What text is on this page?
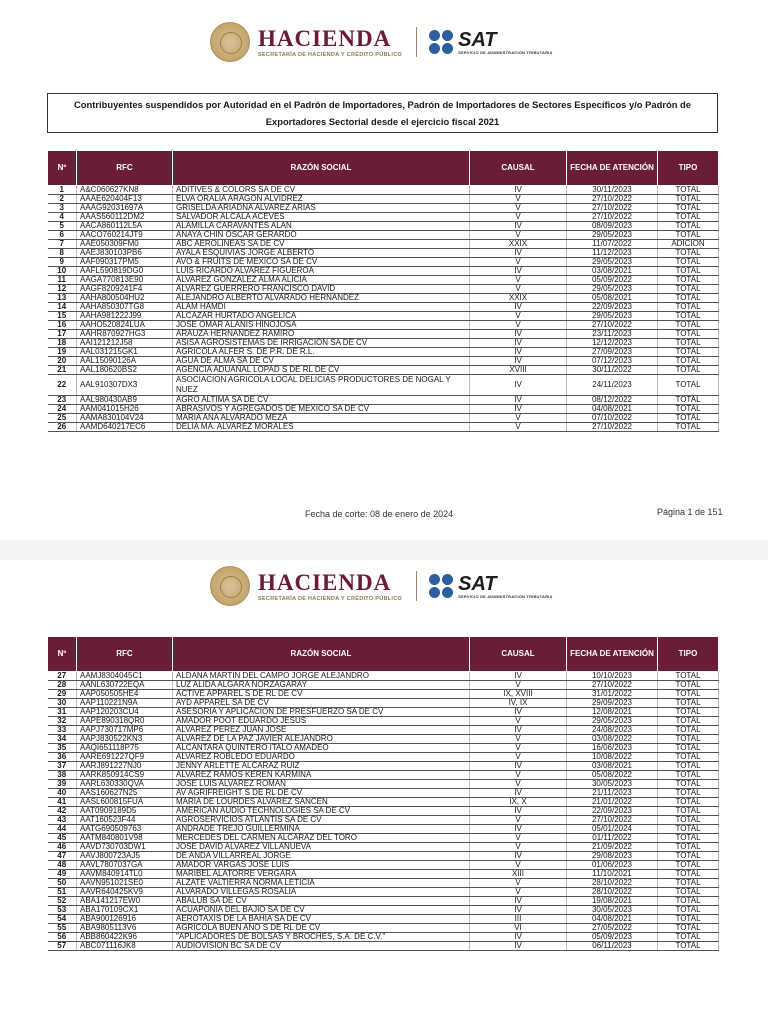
HACIENDA
SECRETARÍA DE HACIENDA Y CRÉDITO PÚBLICO
SAT
SERVICIO DE ADMINISTRACIÓN TRIBUTARIA

Contribuyentes suspendidos por Autoridad en el Padrón de Importadores, Padrón de Importadores de Sectores Específicos y/o Padrón de Exportadores Sectorial desde el ejercicio fiscal 2021

Nº	RFC	RAZÓN SOCIAL	CAUSAL	FECHA DE ATENCIÓN	TIPO
1	A&C060627KN8	ADITIVES & COLORS SA DE CV	IV	30/11/2023	TOTAL
2	AAAE620404F13	ELVA ORALIA ARAGON ALVIDREZ	V	27/10/2022	TOTAL
3	AAAG92031697A	GRISELDA ARIADNA ALVAREZ ARIAS	V	27/10/2022	TOTAL
4	AAAS560112DM2	SALVADOR ALCALA ACEVES	V	27/10/2022	TOTAL
5	AACA860112L5A	ALAMILLA CARAVANTES ALAN	IV	08/09/2023	TOTAL
6	AACO760214JT9	ANAYA CHIN OSCAR GERARDO	V	29/05/2023	TOTAL
7	AAE050309FM0	ABC AEROLINEAS SA DE CV	XXIX	11/07/2022	ADICION
8	AAEJ830103PB6	AYALA ESQUIVIAS JORGE ALBERTO	IV	11/12/2023	TOTAL
9	AAF090317PM5	AVO & FRUITS DE MEXICO SA DE CV	V	29/05/2023	TOTAL
10	AAFL590819DG0	LUIS RICARDO ALVAREZ FIGUEROA	IV	03/08/2021	TOTAL
11	AAGA770813E90	ALVAREZ GONZALEZ ALMA ALICIA	V	05/09/2022	TOTAL
12	AAGF8209241F4	ALVAREZ GUERRERO FRANCISCO DAVID	V	29/05/2023	TOTAL
13	AAHA800504HU2	ALEJANDRO ALBERTO ALVARADO HERNANDEZ	XXIX	05/08/2021	TOTAL
14	AAHA850307TG8	ALAM HAMDI	IV	22/09/2023	TOTAL
15	AAHA981222J99	ALCAZAR HURTADO ANGELICA	V	29/05/2023	TOTAL
16	AAHO520824LUA	JOSE OMAR ALANIS HINOJOSA	V	27/10/2022	TOTAL
17	AAHR870927HG3	ARAUZA HERNANDEZ RAMIRO	IV	23/11/2023	TOTAL
18	AAI121212J58	ASISA AGROSISTEMAS DE IRRIGACION SA DE CV	IV	12/12/2023	TOTAL
19	AAL031215GK1	AGRICOLA ALFER S. DE P.R. DE R.L.	IV	27/09/2023	TOTAL
20	AAL15090126A	AGUA DE ALMA SA DE CV	IV	07/12/2023	TOTAL
21	AAL180620BS2	AGENCIA ADUANAL LOPAD S DE RL DE CV	XVIII	30/11/2022	TOTAL
22	AAL910307DX3	ASOCIACION AGRICOLA LOCAL DELICIAS PRODUCTORES DE NOGAL Y NUEZ	IV	24/11/2023	TOTAL
23	AAL980430AB9	AGRO ALTIMA SA DE CV	IV	08/12/2022	TOTAL
24	AAM041015H26	ABRASIVOS Y AGREGADOS DE MEXICO SA DE CV	IV	04/08/2021	TOTAL
25	AAMA830104V24	MARIA ANA ALVARADO MEZA	V	07/10/2022	TOTAL
26	AAMD640217EC6	DELIA MA. ALVAREZ MORALES	V	27/10/2022	TOTAL
Fecha de corte: 08 de enero de 2024	Página 1 de 151
HACIENDA
SECRETARÍA DE HACIENDA Y CRÉDITO PÚBLICO
SAT
SERVICIO DE ADMINISTRACIÓN TRIBUTARIA
Nº	RFC	RAZÓN SOCIAL	CAUSAL	FECHA DE ATENCIÓN	TIPO
27	AAMJ8304045C1	ALDANA MARTIN DEL CAMPO JORGE ALEJANDRO	IV	10/10/2023	TOTAL
28	AANL630722EQA	LUZ ALIDA ALGARA NORZAGARAY	V	27/10/2022	TOTAL
29	AAP050505HE4	ACTIVE APPAREL S DE RL DE CV	IX, XVIII	31/01/2022	TOTAL
30	AAP110221N9A	AYD APPAREL SA DE CV	IV, IX	29/09/2023	TOTAL
31	AAP120203CU4	ASESORIA Y APLICACION DE PRESFUERZO SA DE CV	IV	12/08/2021	TOTAL
32	AAPE890318QR0	AMADOR POOT EDUARDO JESUS	V	29/05/2023	TOTAL
33	AAPJ730717MP6	ALVAREZ PEREZ JUAN JOSE	IV	24/08/2023	TOTAL
34	AAPJ830522KN3	ALVAREZ DE LA PAZ JAVIER ALEJANDRO	V	03/08/2022	TOTAL
35	AAQI651118P75	ALCANTARA QUINTERO ITALO AMADEO	V	16/06/2023	TOTAL
36	AARE691227QF9	ALVAREZ ROBLEDO EDUARDO	V	10/08/2022	TOTAL
37	AARJ891227NJ0	JENNY ARLETTE ALCARAZ RUIZ	IV	03/08/2021	TOTAL
38	AARK850914CS9	ALVAREZ RAMOS KEREN KARMINA	V	05/08/2022	TOTAL
39	AARL630330QVA	JOSE LUIS ALVAREZ ROMAN	V	30/05/2023	TOTAL
40	AAS160627N25	AV AGRIFREIGHT S DE RL DE CV	IV	21/11/2023	TOTAL
41	AASL600815FUA	MARIA DE LOURDES ALVAREZ SANCEN	IX, X	21/01/2022	TOTAL
42	AAT0909189D5	AMERICAN AUDIO TECHNOLOGIES SA DE CV	IV	22/09/2023	TOTAL
43	AAT160523F44	AGROSERVICIOS ATLANTIS SA DE CV	V	27/10/2022	TOTAL
44	AATG690509763	ANDRADE TREJO GUILLERMINA	IV	05/01/2024	TOTAL
45	AATM840801V98	MERCEDES DEL CARMEN ALCARAZ DEL TORO	V	01/11/2022	TOTAL
46	AAVD730703DW1	JOSE DAVID ALVAREZ VILLANUEVA	V	21/09/2022	TOTAL
47	AAVJ800723AJ5	DE ANDA VILLARREAL JORGE	IV	29/08/2023	TOTAL
48	AAVL7807037GA	AMADOR VARGAS JOSE LUIS	V	01/06/2023	TOTAL
49	AAVM840914TL0	MARIBEL ALATORRE VERGARA	XIII	11/10/2021	TOTAL
50	AAVN951021SE0	ALZATE VALTIERRA NORMA LETICIA	V	28/10/2022	TOTAL
51	AAVR640425KV9	ALVARADO VILLEGAS ROSALIA	V	28/10/2022	TOTAL
52	ABA141217EW0	ABALUB SA DE CV	IV	19/08/2021	TOTAL
53	ABA170109CX1	ACUAPONIA DEL BAJIO SA DE CV	IV	30/05/2023	TOTAL
54	ABA900126916	AEROTAXIS DE LA BAHIA SA DE CV	III	04/08/2021	TOTAL
55	ABA9805113V6	AGRICOLA BUEN AÑO S DE RL DE CV	VI	27/05/2022	TOTAL
56	ABB860422K96	"APLICADORES DE BOLSAS Y BROCHES, S.A. DE C.V."	IV	05/09/2023	TOTAL
57	ABC071116JK8	AUDIOVISION BC SA DE CV	IV	06/11/2023	TOTAL
